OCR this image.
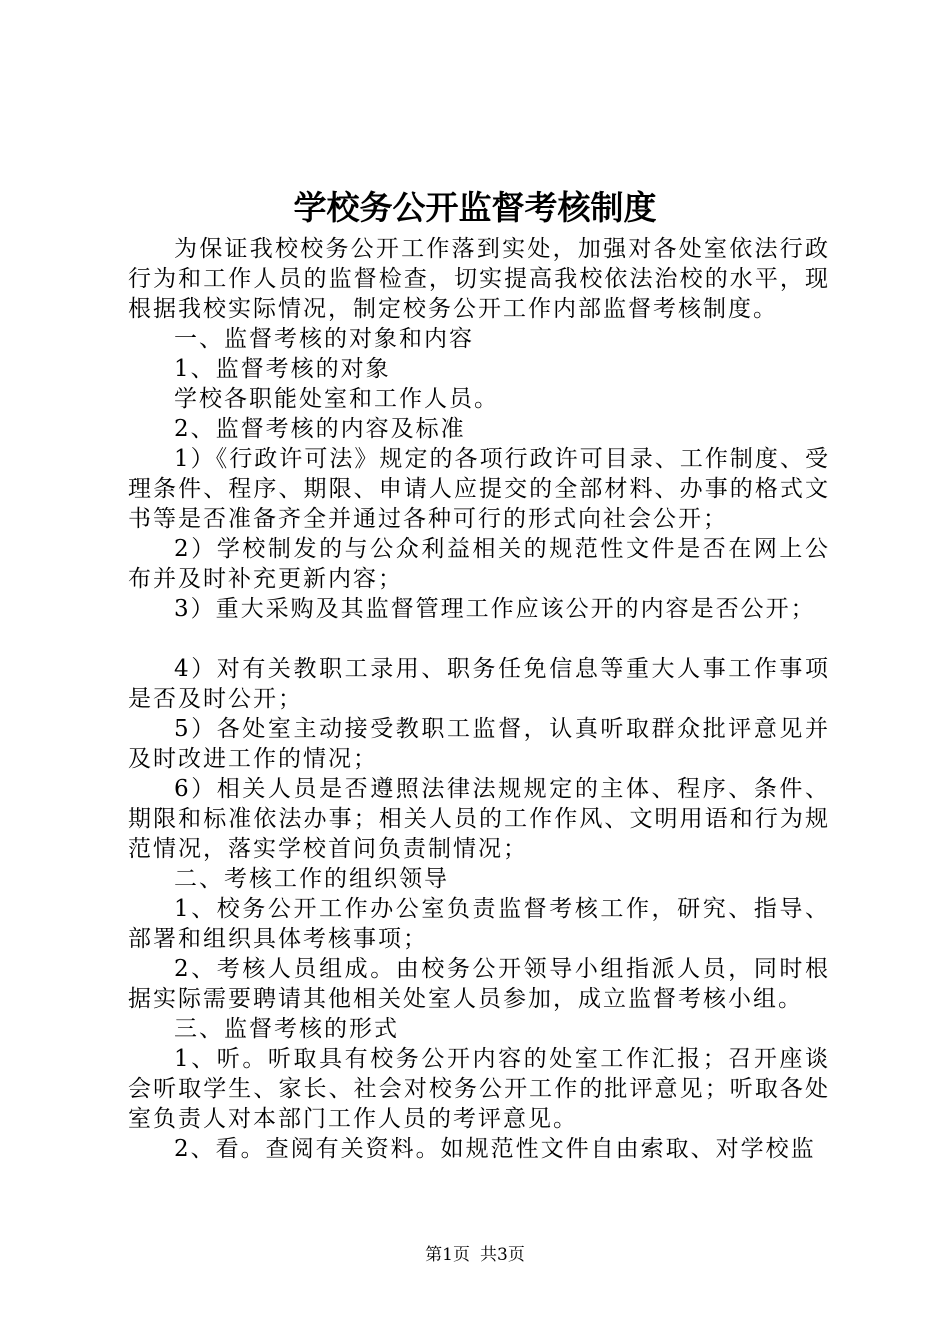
学校务公开监督考核制度

为保证我校校务公开工作落到实处，加强对各处室依法行政行为和工作人员的监督检查，切实提高我校依法治校的水平，现根据我校实际情况，制定校务公开工作内部监督考核制度。

一、监督考核的对象和内容

1、监督考核的对象

学校各职能处室和工作人员。

2、监督考核的内容及标准

1）《行政许可法》规定的各项行政许可目录、工作制度、受理条件、程序、期限、申请人应提交的全部材料、办事的格式文书等是否准备齐全并通过各种可行的形式向社会公开；

2）学校制发的与公众利益相关的规范性文件是否在网上公布并及时补充更新内容；

3）重大采购及其监督管理工作应该公开的内容是否公开；

4）对有关教职工录用、职务任免信息等重大人事工作事项是否及时公开；

5）各处室主动接受教职工监督，认真听取群众批评意见并及时改进工作的情况；

6）相关人员是否遵照法律法规规定的主体、程序、条件、期限和标准依法办事；相关人员的工作作风、文明用语和行为规范情况，落实学校首问负责制情况；

二、考核工作的组织领导

1、校务公开工作办公室负责监督考核工作，研究、指导、部署和组织具体考核事项；

2、考核人员组成。由校务公开领导小组指派人员，同时根据实际需要聘请其他相关处室人员参加，成立监督考核小组。

三、监督考核的形式

1、听。听取具有校务公开内容的处室工作汇报；召开座谈会听取学生、家长、社会对校务公开工作的批评意见；听取各处室负责人对本部门工作人员的考评意见。

2、看。查阅有关资料。如规范性文件自由索取、对学校监

第1页 共3页
